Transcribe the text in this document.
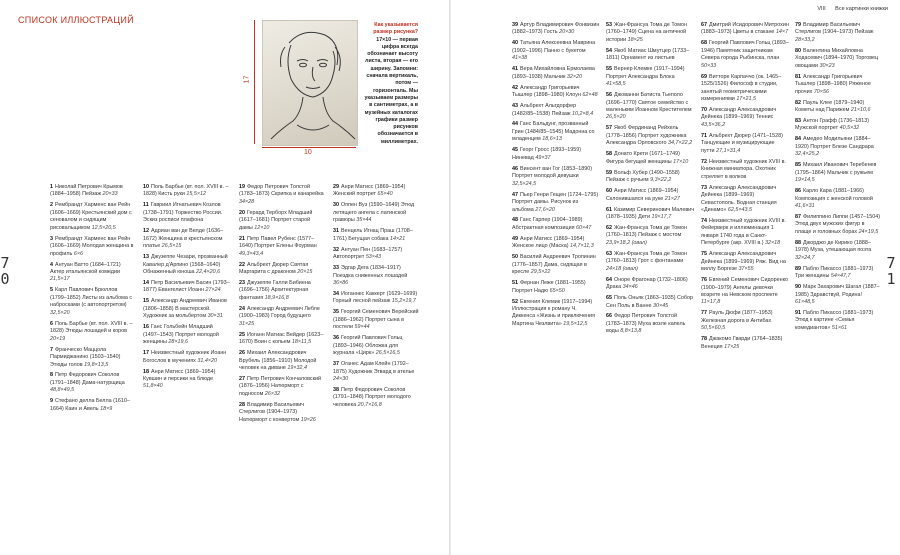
СПИСОК ИЛЛЮСТРАЦИЙ
17
10
Как указывается размер рисунка? 17×10 — первая цифра всегда обозначает высоту листа, вторая — его ширину. Запомни: сначала вертикаль, потом — горизонталь. Мы указываем размеры в сантиметрах, а в музейных каталогах графики размер рисунков обозначается в миллиметрах.
1 Николай Петрович Крымов (1884–1958) Пейзаж 20×33
2 Рембрандт Харменс ван Рейн (1606–1669) Крестьянский дом с сеновалом и сидящим рисовальщиком 12,5×20,5
3 Рембрандт Харменс ван Рейн (1606–1669) Молодая женщина в профиль 6×6
4 Антуан Ватто (1684–1721) Актер итальянской комедии 21,5×17
5 Карл Павлович Брюллов (1799–1852) Листы из альбома с набросками (с автопортретом) 32,5×20
6 Поль Барбье (вт. пол. XVIII в. – 1828) Этюды лошадей и коров 20×19
7 Франческо Маццола Пармиджанино (1503–1540) Этюды голов 19,8×13,5
8 Петр Федорович Соколов (1791–1848) Дама-натурщица 48,8×49,5
9 Стефано делла Белла (1610–1664) Каин и Авель 18×9
10 Поль Барбье (вт. пол. XVIII в. – 1828) Кисть руки 15,5×12
11 Гавриил Игнатьевич Козлов (1738–1791) Торжество России. Эскиз росписи плафона
12 Адриан ван де Велде (1636–1672) Женщина в крестьянском платье 26,5×15
13 Джузеппе Чезари, прозванный Кавалер д'Арпино (1568–1640) Обнаженный юноша 22,4×20,6
14 Петр Васильевич Басин (1793–1877) Евангелист Иоанн 27×24
15 Александр Андреевич Иванов (1806–1858) В мастерской. Художник за мольбертом 30×31
16 Ганс Гольбейн Младший (1497–1543) Портрет молодой женщины 28×19,6
17 Неизвестный художник Иоанн Богослов в мучениях 31,4×20
18 Анри Матисс (1869–1954) Кувшин и персики на блюде 51,8×40
19 Федор Петрович Толстой (1783–1873) Скрипка и канарейка 34×28
20 Герард Терборх Младший (1617–1681) Портрет старой дамы 12×10
21 Петр Павел Рубенс (1577–1640) Портрет Елены Фоурман 49,3×43,4
22 Альбрехт Дюрер Святая Маргарита с драконом 20×15
23 Джузеппе Галли Бибиена (1696–1756) Архитектурная фантазия 18,9×16,8
24 Александр Андреевич Лебле (1900–1983) Город будущего 31×25
25 Иоганн Матиас Вейдер (1623–1670) Воин с копьем 18×11,5
26 Михаил Александрович Врубель (1856–1910) Молодой человек на диване 19×32,4
27 Петр Петрович Кончаловский (1876–1956) Натюрморт с подносом 26×32
28 Владимир Васильевич Стерлигов (1904–1973) Натюрморт с конвертом 19×26
29 Анри Матисс (1869–1954) Женский портрет 65×40
30 Оппен Вуз (1590–1649) Этюд летящего ангела с латинской гравюры 35×44
31 Венцель Игнац Праш (1708–1761) Бегущая собака 14×21
32 Антуан Пен (1683–1757) Автопортрет 53×43
33 Эдгар Дега (1834–1917) Поездка сниженных лошадей 36×86
34 Иоганнес Каккерт (1629–1699) Горный лесной пейзаж 15,2×19,7
35 Георгий Семенович Верейский (1886–1962) Портрет сына в постели 59×44
36 Георгий Павлович Гольц (1893–1946) Обложка для журнала «Цирк» 26,5×16,5
37 Оганес Адам Клейн (1792–1875) Художник Эгвард в ателье 24×30
38 Петр Федорович Соколов (1791–1848) Портрет молодого человека 20,7×16,8
70
VIII Все картинки книжки
39 Артур Владимирович Фонвизин (1882–1973) Гость 20×30
40 Татьяна Алексеевна Маврина (1902–1996) Панно с букетом 41×38
41 Вера Михайловна Ермолаева (1893–1938) Мальчик 32×20
42 Александр Григорьевич Тышлер (1898–1980) Клоун 62×48
43 Альбрехт Альтдорфер (1482/85–1538) Пейзаж 10,2×8,4
44 Ганс Бальдунг, прозванный Грин (1484/85–1545) Мадонна со младенцем 18,6×13
45 Георг Гросс (1893–1959) Ниневад 49×37
46 Винсент ван Гог (1853–1890) Портрет молодой девушки 32,5×24,5
47 Пьер Генри Гещен (1724–1795) Портрет дамы. Рисунок из альбома 27,6×20
48 Ганс Гарпер (1904–1989) Абстрактная композиция 60×47
49 Анри Матисс (1869–1954) Женское лицо (Маска) 14,7×11,3
50 Василий Андреевич Тропинин (1776–1857) Дама, сидящая в кресле 29,5×22
51 Фернан Леже (1881–1955) Портрет Надю 65×50
52 Евгения Клемик (1917–1994) Иллюстрация к роману Ч. Диккенса «Жизнь и приключения Мартина Чезлвита» 19,5×12,5
53 Жан-Франсуа Тома де Томон (1760–1749) Сцена на античной истории 18×25
54 Якоб Матиас Шмутцер (1733–1811) Орнамент из листьев
55 Вернер Клемке (1917–1994) Портрет Александра Блока 41×58,5
56 Джованни Батиста Тьеполо (1696–1770) Святое семейство с маленьким Иоанном Крестителем 26,5×20
57 Якоб Фердинанд Рейхель (1778–1856) Портрет художника Александра Орловского 34,7×22,2
58 Донато Крети (1671–1749) Фигура бегущей женщины 17×10
59 Вольф Хубер (1490–1558) Пейзаж с ручьем 9,3×22,2
60 Анри Матисс (1869–1954) Склонившаяся на руке 21×27
61 Казимир Северинович Малевич (1878–1935) Дети 19×17,7
62 Жан-Франсуа Тома де Томон (1760–1813) Пейзаж с мостом 23,9×18,2 (овал)
63 Жан-Франсуа Тома де Томон (1760–1813) Грот с фонтанами 24×18 (овал)
64 Оноре Фрагонар (1732–1806) Драка 34×46
65 Поль Оньяк (1863–1935) Собор Сен Поль в Ванне 30×45
66 Федор Петрович Толстой (1783–1873) Муха возле капель воды 8,8×13,8
67 Дмитрий Исидорович Митрохин (1883–1973) Цветы в стакане 14×7
68 Георгий Павлович Гольц (1893–1946) Памятник защитникам Севера города Рыбинска, план 50×33
69 Витторе Карпаччо (ок. 1465–1525/1526) Философ в студии, занятый геометрическими измерениями 17×21,5
70 Александр Александрович Дейнека (1899–1969) Теннис 43,5×36,2
71 Альбрехт Дюрер (1471–1528) Танцующие и музицирующие путти 27,1×31,4
72 Неизвестный художник XVIII в. Книжная миниатюра. Охотник стреляет в волков
73 Александр Александрович Дейнека (1899–1969) Севастополь. Водная станция «Динамо» 62,5×43,5
74 Неизвестный художник XVIII в. Фейерверк и иллюминация 1 января 1740 года в Санкт-Петербурге (акр. XVIII в.) 32×18
75 Александр Александрович Дейнека (1899–1969) Ряж. Вид на виллу Боргезе 37×55
76 Евгений Семенович Сидоренко (1900–1979) Ангелы девочки возрете на Невском проспекте 11×17,8
77 Рауль Дюфи (1877–1953) Железная дорога в Антибах 50,5×60,5
78 Джакомо Гварди (1764–1835) Венеция 17×25
79 Владимир Васильевич Стерлигов (1904–1973) Пейзаж 28×33,2
80 Валентина Михайловна Ходасевич (1894–1970) Торговец овощами 30×23
81 Александр Григорьевич Тышлер (1898–1980) Ряженое прочих 70×56
82 Пауль Клее (1879–1940) Кометы над Парижем 21×10,6
83 Антон Графф (1736–1813) Мужской портрет 40,5×32
84 Амедео Модильяни (1884–1920) Портрет Блезе Сандрара 32,4×25,2
85 Михаил Иванович Теребенев (1795–1864) Мальчик с ружьем 19×14,5
86 Карло Кара (1881–1966) Композиция с женской головой 41,6×31
87 Филиппино Липпи (1457–1504) Этюд двух мужских фигур в плаще и головных борах 24×19,5
88 Джорджо де Кирико (1888–1978) Муза, утешающая поэта 32×24,7
89 Пабло Пикассо (1881–1973) Три женщины 54×47,7
90 Марк Захарович Шагал (1887–1985) Здравствуй, Родина! 61×48,5
91 Пабло Пикассо (1881–1973) Этюд к картине «Семья комедиантов» 51×61
71
